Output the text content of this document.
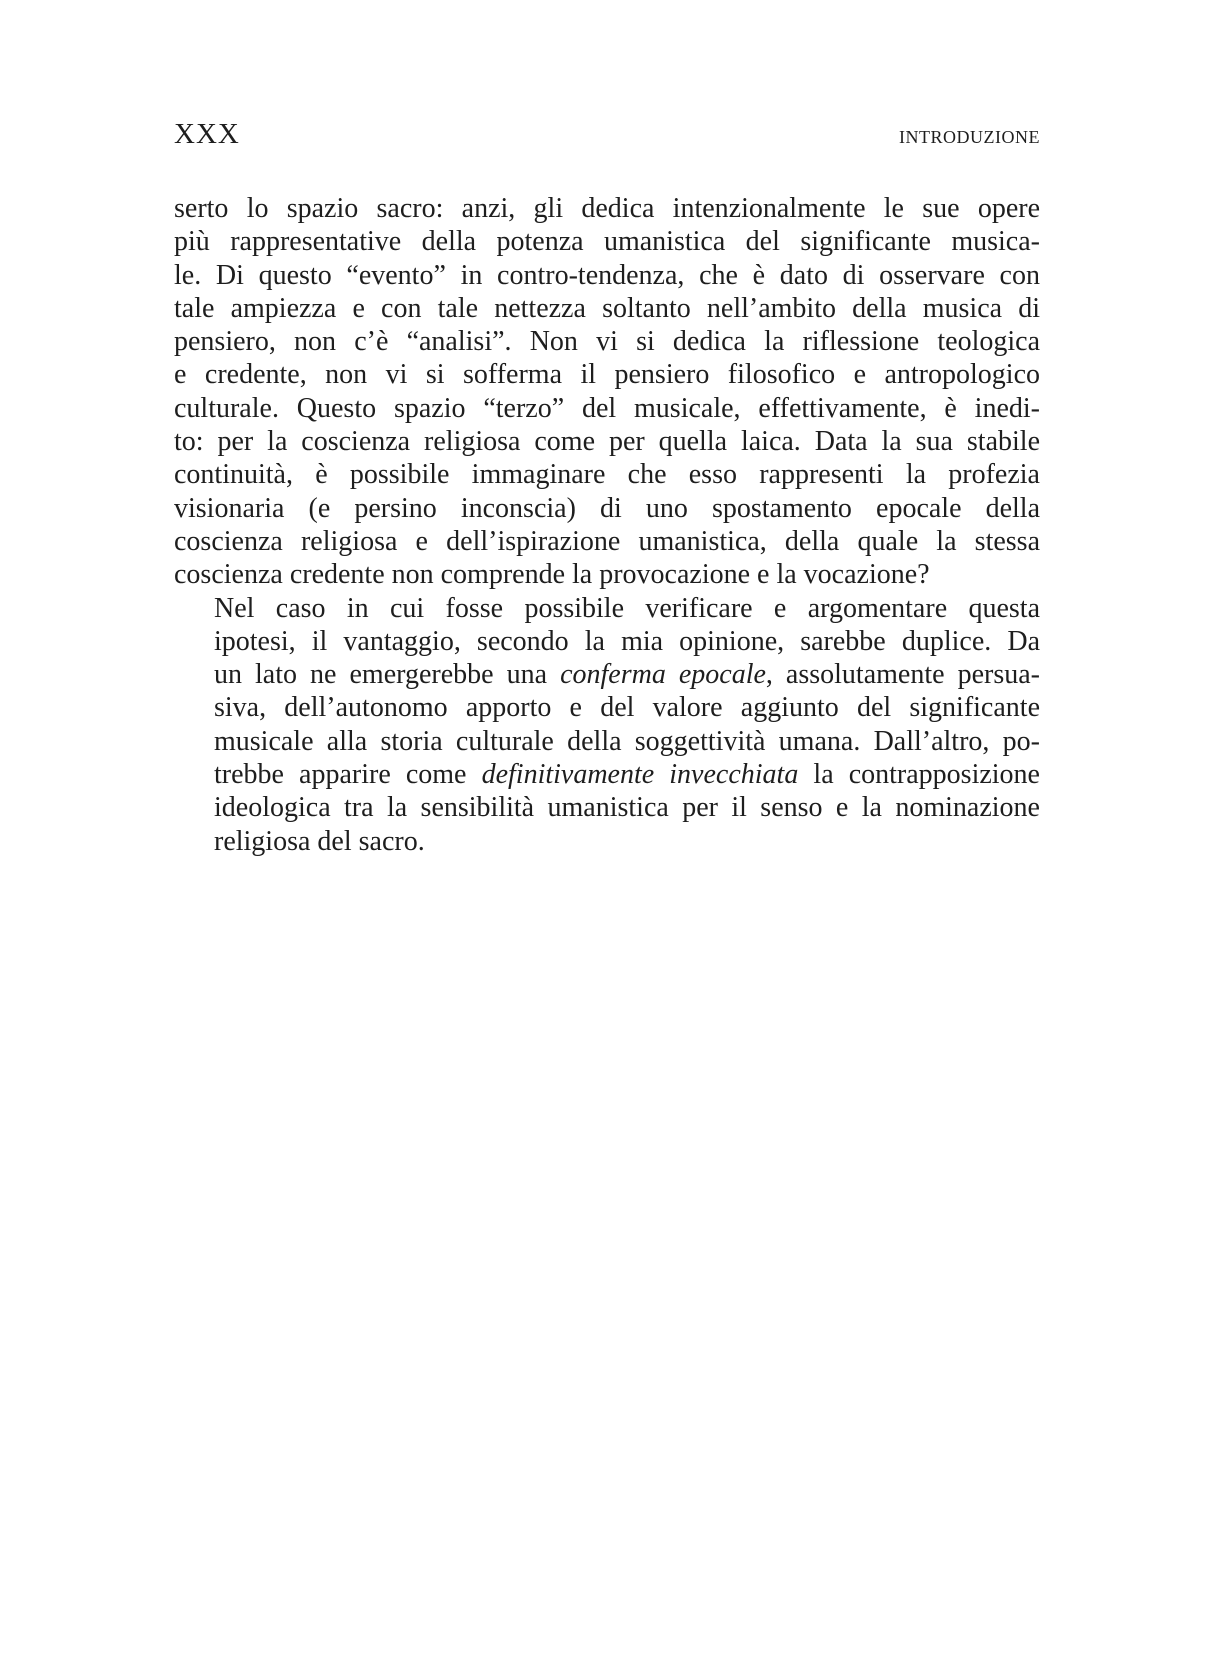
XXX	INTRODUZIONE

serto lo spazio sacro: anzi, gli dedica intenzionalmente le sue opere
più rappresentative della potenza umanistica del significante musica-
le. Di questo “evento” in contro-tendenza, che è dato di osservare con
tale ampiezza e con tale nettezza soltanto nell’ambito della musica di
pensiero, non c’è “analisi”. Non vi si dedica la riflessione teologica
e credente, non vi si sofferma il pensiero filosofico e antropologico
culturale. Questo spazio “terzo” del musicale, effettivamente, è inedi-
to: per la coscienza religiosa come per quella laica. Data la sua stabile
continuità, è possibile immaginare che esso rappresenti la profezia
visionaria (e persino inconscia) di uno spostamento epocale della
coscienza religiosa e dell’ispirazione umanistica, della quale la stessa
coscienza credente non comprende la provocazione e la vocazione?

Nel caso in cui fosse possibile verificare e argomentare questa
ipotesi, il vantaggio, secondo la mia opinione, sarebbe duplice. Da
un lato ne emergerebbe una conferma epocale, assolutamente persua-
siva, dell’autonomo apporto e del valore aggiunto del significante
musicale alla storia culturale della soggettività umana. Dall’altro, po-
trebbe apparire come definitivamente invecchiata la contrapposizione
ideologica tra la sensibilità umanistica per il senso e la nominazione
religiosa del sacro.
